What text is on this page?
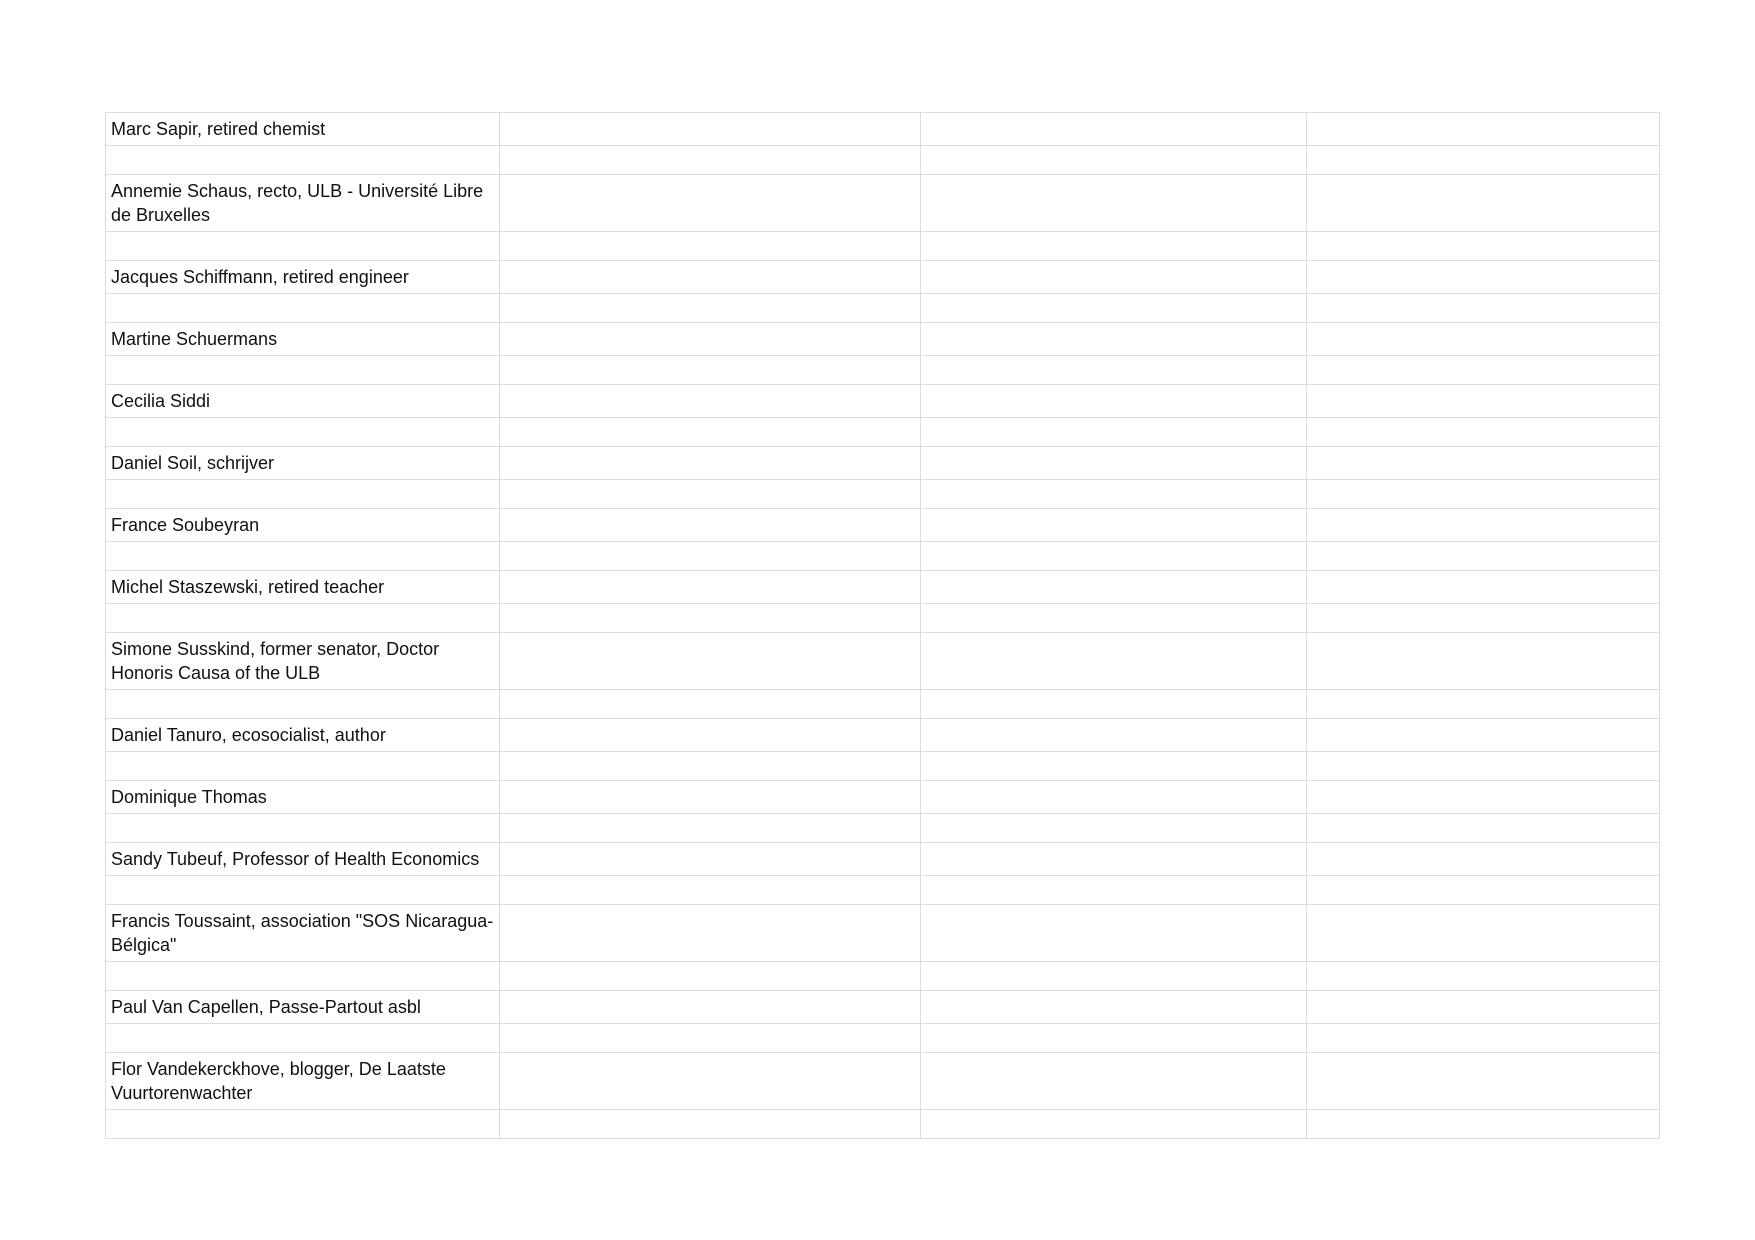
Marc Sapir, retired chemist			

Annemie Schaus, recto, ULB - Université Libre de Bruxelles			

Jacques Schiffmann, retired engineer			

Martine Schuermans			

Cecilia Siddi			

Daniel Soil, schrijver			

France Soubeyran			

Michel Staszewski, retired teacher			

Simone Susskind, former senator, Doctor Honoris Causa of the ULB			

Daniel Tanuro, ecosocialist, author			

Dominique Thomas			

Sandy Tubeuf, Professor of Health Economics			

Francis Toussaint, association "SOS Nicaragua-Bélgica"			

Paul Van Capellen, Passe-Partout asbl			

Flor Vandekerckhove, blogger, De Laatste Vuurtorenwachter			
